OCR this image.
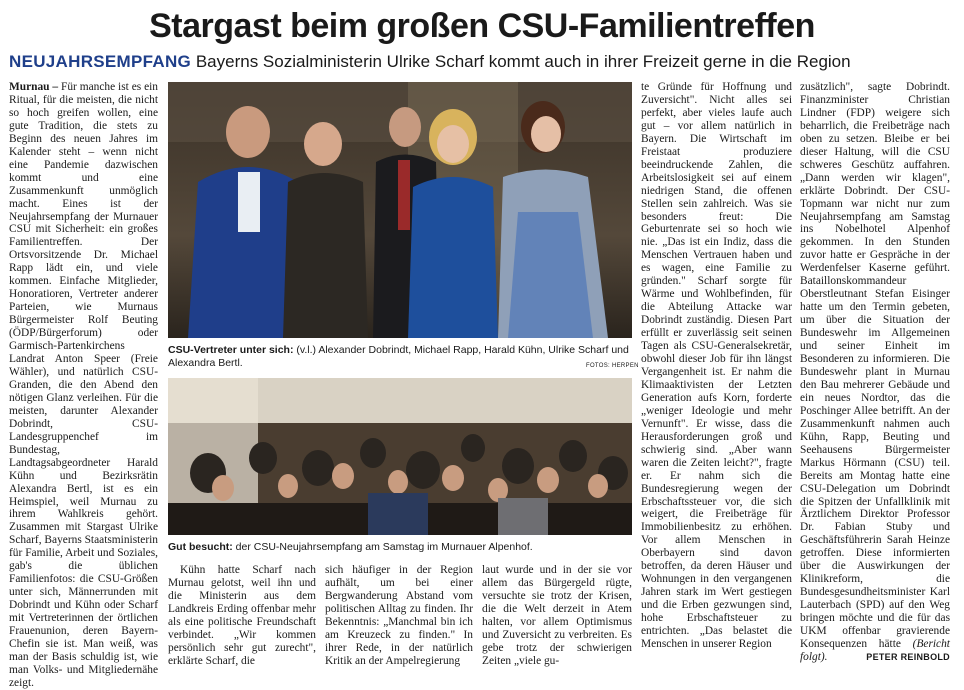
Stargast beim großen CSU-Familientreffen
NEUJAHRSEMPFANG Bayerns Sozialministerin Ulrike Scharf kommt auch in ihrer Freizeit gerne in die Region

Murnau – Für manche ist es ein Ritual, für die meisten, die nicht so hoch greifen wollen, eine gute Tradition, die stets zu Beginn des neuen Jahres im Kalender steht – wenn nicht eine Pandemie dazwischen kommt und eine Zusammenkunft unmöglich macht. Eines ist der Neujahrsempfang der Murnauer CSU mit Sicherheit: ein großes Familientreffen. Der Ortsvorsitzende Dr. Michael Rapp lädt ein, und viele kommen. Einfache Mitglieder, Honoratioren, Vertreter anderer Parteien, wie Murnaus Bürgermeister Rolf Beuting (ÖDP/Bürgerforum) oder Garmisch-Partenkirchens Landrat Anton Speer (Freie Wähler), und natürlich CSU-Granden, die den Abend den nötigen Glanz verleihen. Für die meisten, darunter Alexander Dobrindt, CSU-Landesgruppenchef im Bundestag, Landtagsabgeordneter Harald Kühn und Bezirksrätin Alexandra Bertl, ist es ein Heimspiel, weil Murnau zu ihrem Wahlkreis gehört. Zusammen mit Stargast Ulrike Scharf, Bayerns Staatsministerin für Familie, Arbeit und Soziales, gab's die üblichen Familienfotos: die CSU-Größen unter sich, Männerrunden mit Dobrindt und Kühn oder Scharf mit Vertreterinnen der örtlichen Frauenunion, deren Bayern-Chefin sie ist. Man weiß, was man der Basis schuldig ist, wie man Volks- und Mitgliedernähe zeigt.

CSU-Vertreter unter sich: (v.l.) Alexander Dobrindt, Michael Rapp, Harald Kühn, Ulrike Scharf und Alexandra Bertl.	FOTOS: HERPEN
Gut besucht: der CSU-Neujahrsempfang am Samstag im Murnauer Alpenhof.

Kühn hatte Scharf nach Murnau gelotst, weil ihn und die Ministerin aus dem Landkreis Erding offenbar mehr als eine politische Freundschaft verbindet. „Wir kommen persönlich sehr gut zurecht", erklärte Scharf, die

sich häufiger in der Region aufhält, um bei einer Bergwanderung Abstand vom politischen Alltag zu finden. Ihr Bekenntnis: „Manchmal bin ich am Kreuzeck zu finden." In ihrer Rede, in der natürlich Kritik an der Ampelregierung

laut wurde und in der sie vor allem das Bürgergeld rügte, versuchte sie trotz der Krisen, die die Welt derzeit in Atem halten, vor allem Optimismus und Zuversicht zu verbreiten. Es gebe trotz der schwierigen Zeiten „viele gu-

te Gründe für Hoffnung und Zuversicht". Nicht alles sei perfekt, aber vieles laufe auch gut – vor allem natürlich in Bayern. Die Wirtschaft im Freistaat produziere beeindruckende Zahlen, die Arbeitslosigkeit sei auf einem niedrigen Stand, die offenen Stellen sein zahlreich. Was sie besonders freut: Die Geburtenrate sei so hoch wie nie. „Das ist ein Indiz, dass die Menschen Vertrauen haben und es wagen, eine Familie zu gründen." Scharf sorgte für Wärme und Wohlbefinden, für die Abteilung Attacke war Dobrindt zuständig. Diesen Part erfüllt er zuverlässig seit seinen Tagen als CSU-Generalsekretär, obwohl dieser Job für ihn längst Vergangenheit ist. Er nahm die Klimaaktivisten der Letzten Generation aufs Korn, forderte „weniger Ideologie und mehr Vernunft". Er wisse, dass die Herausforderungen groß und schwierig sind. „Aber wann waren die Zeiten leicht?", fragte er. Er nahm sich die Bundesregierung wegen der Erbschaftssteuer vor, die sich weigert, die Freibeträge für Immobilienbesitz zu erhöhen. Vor allem Menschen in Oberbayern sind davon betroffen, da deren Häuser und Wohnungen in den vergangenen Jahren stark im Wert gestiegen und die Erben gezwungen sind, hohe Erbschaftsteuer zu entrichten. „Das belastet die Menschen in unserer Region

zusätzlich", sagte Dobrindt. Finanzminister Christian Lindner (FDP) weigere sich beharrlich, die Freibeträge nach oben zu setzen. Bleibe er bei dieser Haltung, will die CSU schweres Geschütz auffahren. „Dann werden wir klagen", erklärte Dobrindt. Der CSU-Topmann war nicht nur zum Neujahrsempfang am Samstag ins Nobelhotel Alpenhof gekommen. In den Stunden zuvor hatte er Gespräche in der Werdenfelser Kaserne geführt. Bataillonskommandeur Oberstleutnant Stefan Eisinger hatte um den Termin gebeten, um über die Situation der Bundeswehr im Allgemeinen und seiner Einheit im Besonderen zu informieren. Die Bundeswehr plant in Murnau den Bau mehrerer Gebäude und ein neues Nordtor, das die Poschinger Allee betrifft. An der Zusammenkunft nahmen auch Kühn, Rapp, Beuting und Seehausens Bürgermeister Markus Hörmann (CSU) teil. Bereits am Montag hatte eine CSU-Delegation um Dobrindt die Spitzen der Unfallklinik mit Ärztlichem Direktor Professor Dr. Fabian Stuby und Geschäftsführerin Sarah Heinze getroffen. Diese informierten über die Auswirkungen der Klinikreform, die Bundesgesundheitsminister Karl Lauterbach (SPD) auf den Weg bringen möchte und die für das UKM offenbar gravierende Konsequenzen hätte (Bericht folgt).	PETER REINBOLD
